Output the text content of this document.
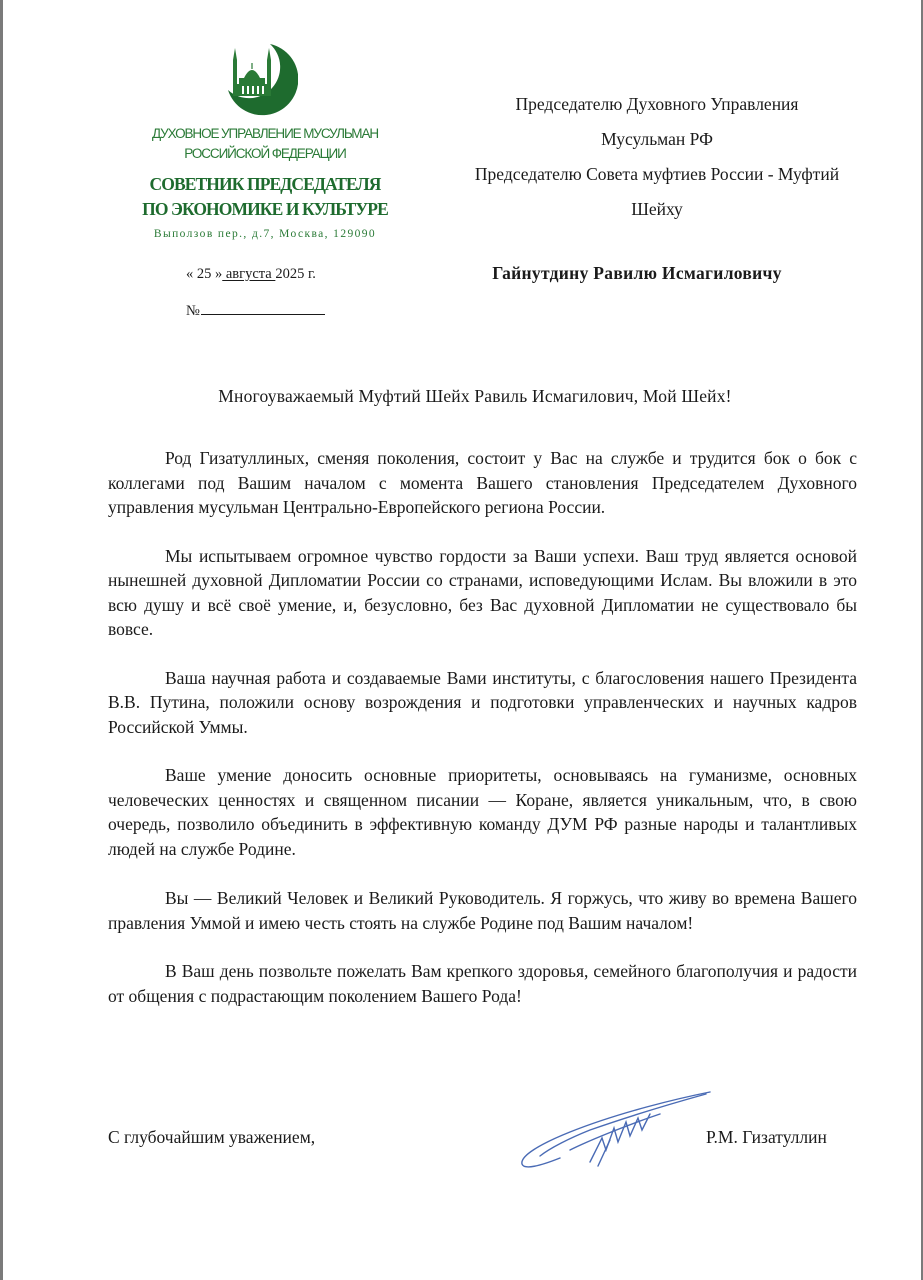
ДУХОВНОЕ УПРАВЛЕНИЕ МУСУЛЬМАН
РОССИЙСКОЙ ФЕДЕРАЦИИ
СОВЕТНИК ПРЕДСЕДАТЕЛЯ
ПО ЭКОНОМИКЕ И КУЛЬТУРЕ
Выползов пер., д.7, Москва, 129090
« 25 » августа 2025 г.
№
Председателю Духовного Управления
Мусульман РФ
Председателю Совета муфтиев России - Муфтий
Шейху
Гайнутдину Равилю Исмагиловичу
Многоуважаемый Муфтий Шейх Равиль Исмагилович, Мой Шейх!

Род Гизатуллиных, сменяя поколения, состоит у Вас на службе и трудится бок о бок с коллегами под Вашим началом с момента Вашего становления Председателем Духовного управления мусульман Центрально-Европейского региона России.

Мы испытываем огромное чувство гордости за Ваши успехи. Ваш труд является основой нынешней духовной Дипломатии России со странами, исповедующими Ислам. Вы вложили в это всю душу и всё своё умение, и, безусловно, без Вас духовной Дипломатии не существовало бы вовсе.

Ваша научная работа и создаваемые Вами институты, с благословения нашего Президента В.В. Путина, положили основу возрождения и подготовки управленческих и научных кадров Российской Уммы.

Ваше умение доносить основные приоритеты, основываясь на гуманизме, основных человеческих ценностях и священном писании — Коране, является уникальным, что, в свою очередь, позволило объединить в эффективную команду ДУМ РФ разные народы и талантливых людей на службе Родине.

Вы — Великий Человек и Великий Руководитель. Я горжусь, что живу во времена Вашего правления Уммой и имею честь стоять на службе Родине под Вашим началом!

В Ваш день позвольте пожелать Вам крепкого здоровья, семейного благополучия и радости от общения с подрастающим поколением Вашего Рода!

С глубочайшим уважением,	Р.М. Гизатуллин
